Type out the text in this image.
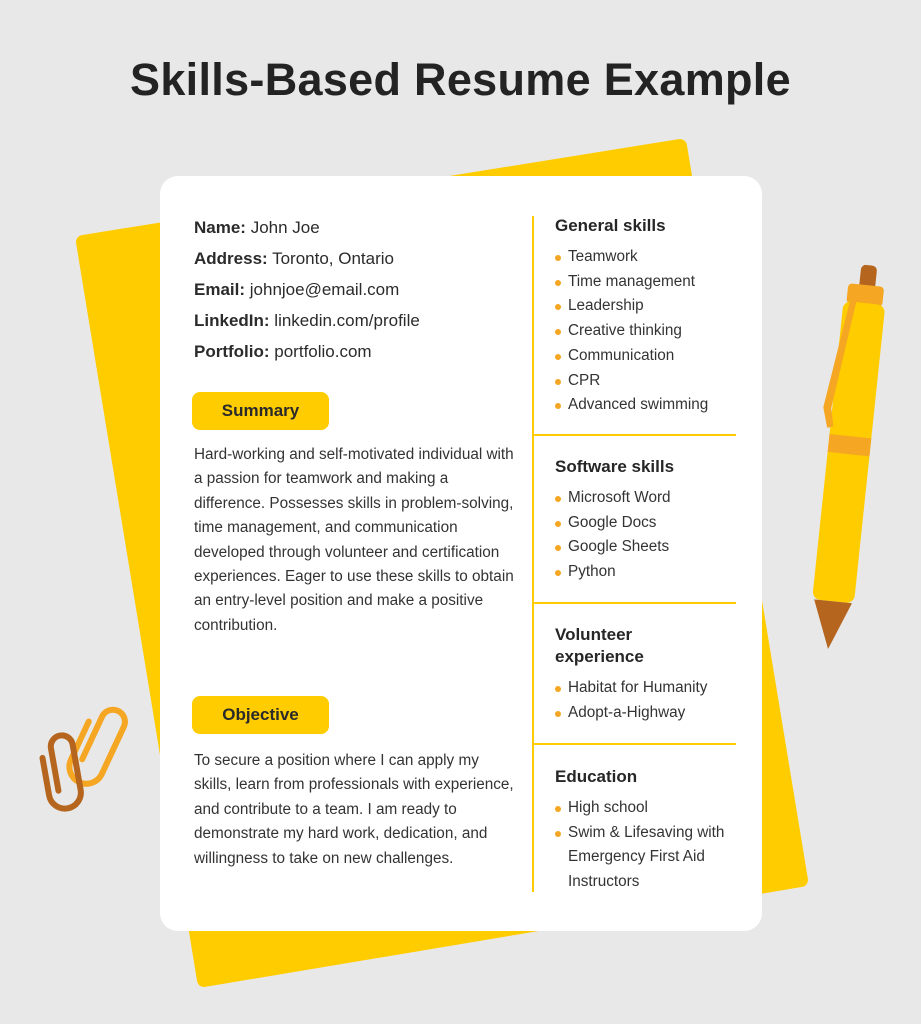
Skills-Based Resume Example
Name: John Joe
Address: Toronto, Ontario
Email: johnjoe@email.com
LinkedIn: linkedin.com/profile
Portfolio: portfolio.com
Summary
Hard-working and self-motivated individual with a passion for teamwork and making a difference. Possesses skills in problem-solving, time management, and communication developed through volunteer and certification experiences. Eager to use these skills to obtain an entry-level position and make a positive contribution.
Objective
To secure a position where I can apply my skills, learn from professionals with experience, and contribute to a team. I am ready to demonstrate my hard work, dedication, and willingness to take on new challenges.
General skills
Teamwork
Time management
Leadership
Creative thinking
Communication
CPR
Advanced swimming
Software skills
Microsoft Word
Google Docs
Google Sheets
Python
Volunteer experience
Habitat for Humanity
Adopt-a-Highway
Education
High school
Swim & Lifesaving with Emergency First Aid Instructors
